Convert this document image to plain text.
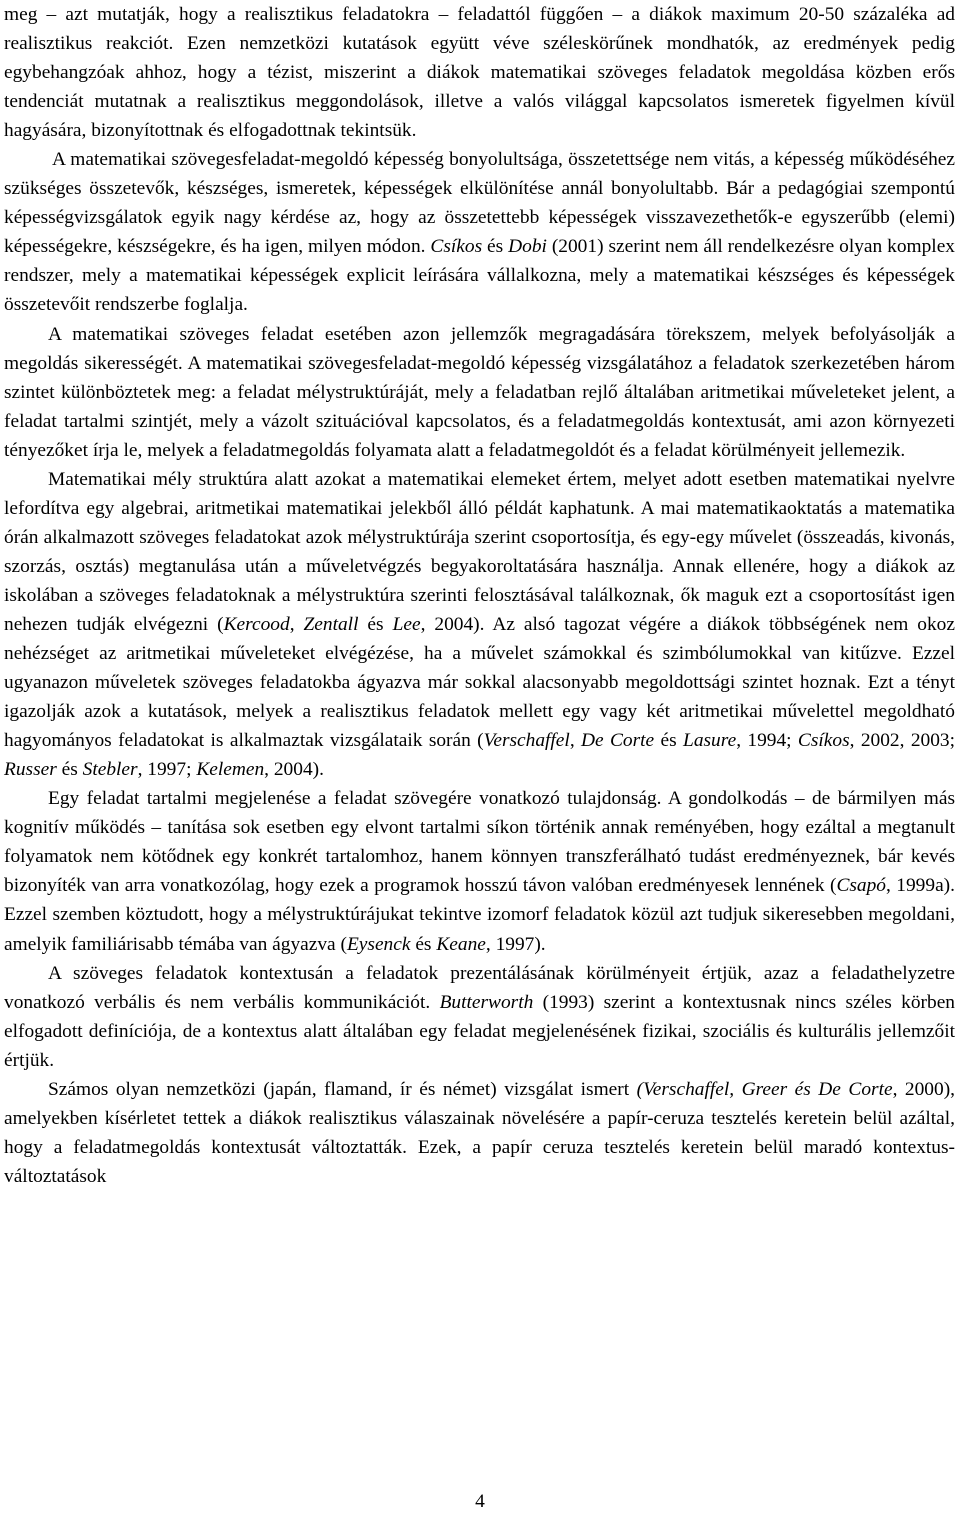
meg – azt mutatják, hogy a realisztikus feladatokra – feladattól függően – a diákok maximum 20-50 százaléka ad realisztikus reakciót. Ezen nemzetközi kutatások együtt véve széleskörűnek mondhatók, az eredmények pedig egybehangzóak ahhoz, hogy a tézist, miszerint a diákok matematikai szöveges feladatok megoldása közben erős tendenciát mutatnak a realisztikus meggondolások, illetve a valós világgal kapcsolatos ismeretek figyelmen kívül hagyására, bizonyítottnak és elfogadottnak tekintsük.

A matematikai szövegesfeladat-megoldó képesség bonyolultsága, összetettsége nem vitás, a képesség működéséhez szükséges összetevők, készséges, ismeretek, képességek elkülönítése annál bonyolultabb. Bár a pedagógiai szempontú képességvizsgálatok egyik nagy kérdése az, hogy az összetettebb képességek visszavezethetők-e egyszerűbb (elemi) képességekre, készségekre, és ha igen, milyen módon. Csíkos és Dobi (2001) szerint nem áll rendelkezésre olyan komplex rendszer, mely a matematikai képességek explicit leírására vállalkozna, mely a matematikai készséges és képességek összetevőit rendszerbe foglalja.

A matematikai szöveges feladat esetében azon jellemzők megragadására törekszem, melyek befolyásolják a megoldás sikerességét. A matematikai szövegesfeladat-megoldó képesség vizsgálatához a feladatok szerkezetében három szintet különböztetek meg: a feladat mélystruktúráját, mely a feladatban rejlő általában aritmetikai műveleteket jelent, a feladat tartalmi szintjét, mely a vázolt szituációval kapcsolatos, és a feladatmegoldás kontextusát, ami azon környezeti tényezőket írja le, melyek a feladatmegoldás folyamata alatt a feladatmegoldót és a feladat körülményeit jellemezik.

Matematikai mély struktúra alatt azokat a matematikai elemeket értem, melyet adott esetben matematikai nyelvre lefordítva egy algebrai, aritmetikai matematikai jelekből álló példát kaphatunk. A mai matematikaoktatás a matematika órán alkalmazott szöveges feladatokat azok mélystruktúrája szerint csoportosítja, és egy-egy művelet (összeadás, kivonás, szorzás, osztás) megtanulása után a műveletvégzés begyakoroltatására használja. Annak ellenére, hogy a diákok az iskolában a szöveges feladatoknak a mélystruktúra szerinti felosztásával találkoznak, ők maguk ezt a csoportosítást igen nehezen tudják elvégezni (Kercood, Zentall és Lee, 2004). Az alsó tagozat végére a diákok többségének nem okoz nehézséget az aritmetikai műveleteket elvégézése, ha a művelet számokkal és szimbólumokkal van kitűzve. Ezzel ugyanazon műveletek szöveges feladatokba ágyazva már sokkal alacsonyabb megoldottsági szintet hoznak. Ezt a tényt igazolják azok a kutatások, melyek a realisztikus feladatok mellett egy vagy két aritmetikai művelettel megoldható hagyományos feladatokat is alkalmaztak vizsgálataik során (Verschaffel, De Corte és Lasure, 1994; Csíkos, 2002, 2003; Russer és Stebler, 1997; Kelemen, 2004).

Egy feladat tartalmi megjelenése a feladat szövegére vonatkozó tulajdonság. A gondolkodás – de bármilyen más kognitív működés – tanítása sok esetben egy elvont tartalmi síkon történik annak reményében, hogy ezáltal a megtanult folyamatok nem kötődnek egy konkrét tartalomhoz, hanem könnyen transzferálható tudást eredményeznek, bár kevés bizonyíték van arra vonatkozólag, hogy ezek a programok hosszú távon valóban eredményesek lennének (Csapó, 1999a). Ezzel szemben köztudott, hogy a mélystruktúrájukat tekintve izomorf feladatok közül azt tudjuk sikeresebben megoldani, amelyik familiárisabb témába van ágyazva (Eysenck és Keane, 1997).

A szöveges feladatok kontextusán a feladatok prezentálásának körülményeit értjük, azaz a feladathelyzetre vonatkozó verbális és nem verbális kommunikációt. Butterworth (1993) szerint a kontextusnak nincs széles körben elfogadott definíciója, de a kontextus alatt általában egy feladat megjelenésének fizikai, szociális és kulturális jellemzőit értjük.

Számos olyan nemzetközi (japán, flamand, ír és német) vizsgálat ismert (Verschaffel, Greer és De Corte, 2000), amelyekben kísérletet tettek a diákok realisztikus válaszainak növelésére a papír-ceruza tesztelés keretein belül azáltal, hogy a feladatmegoldás kontextusát változtatták. Ezek, a papír ceruza tesztelés keretein belül maradó kontextus-változtatások

4
